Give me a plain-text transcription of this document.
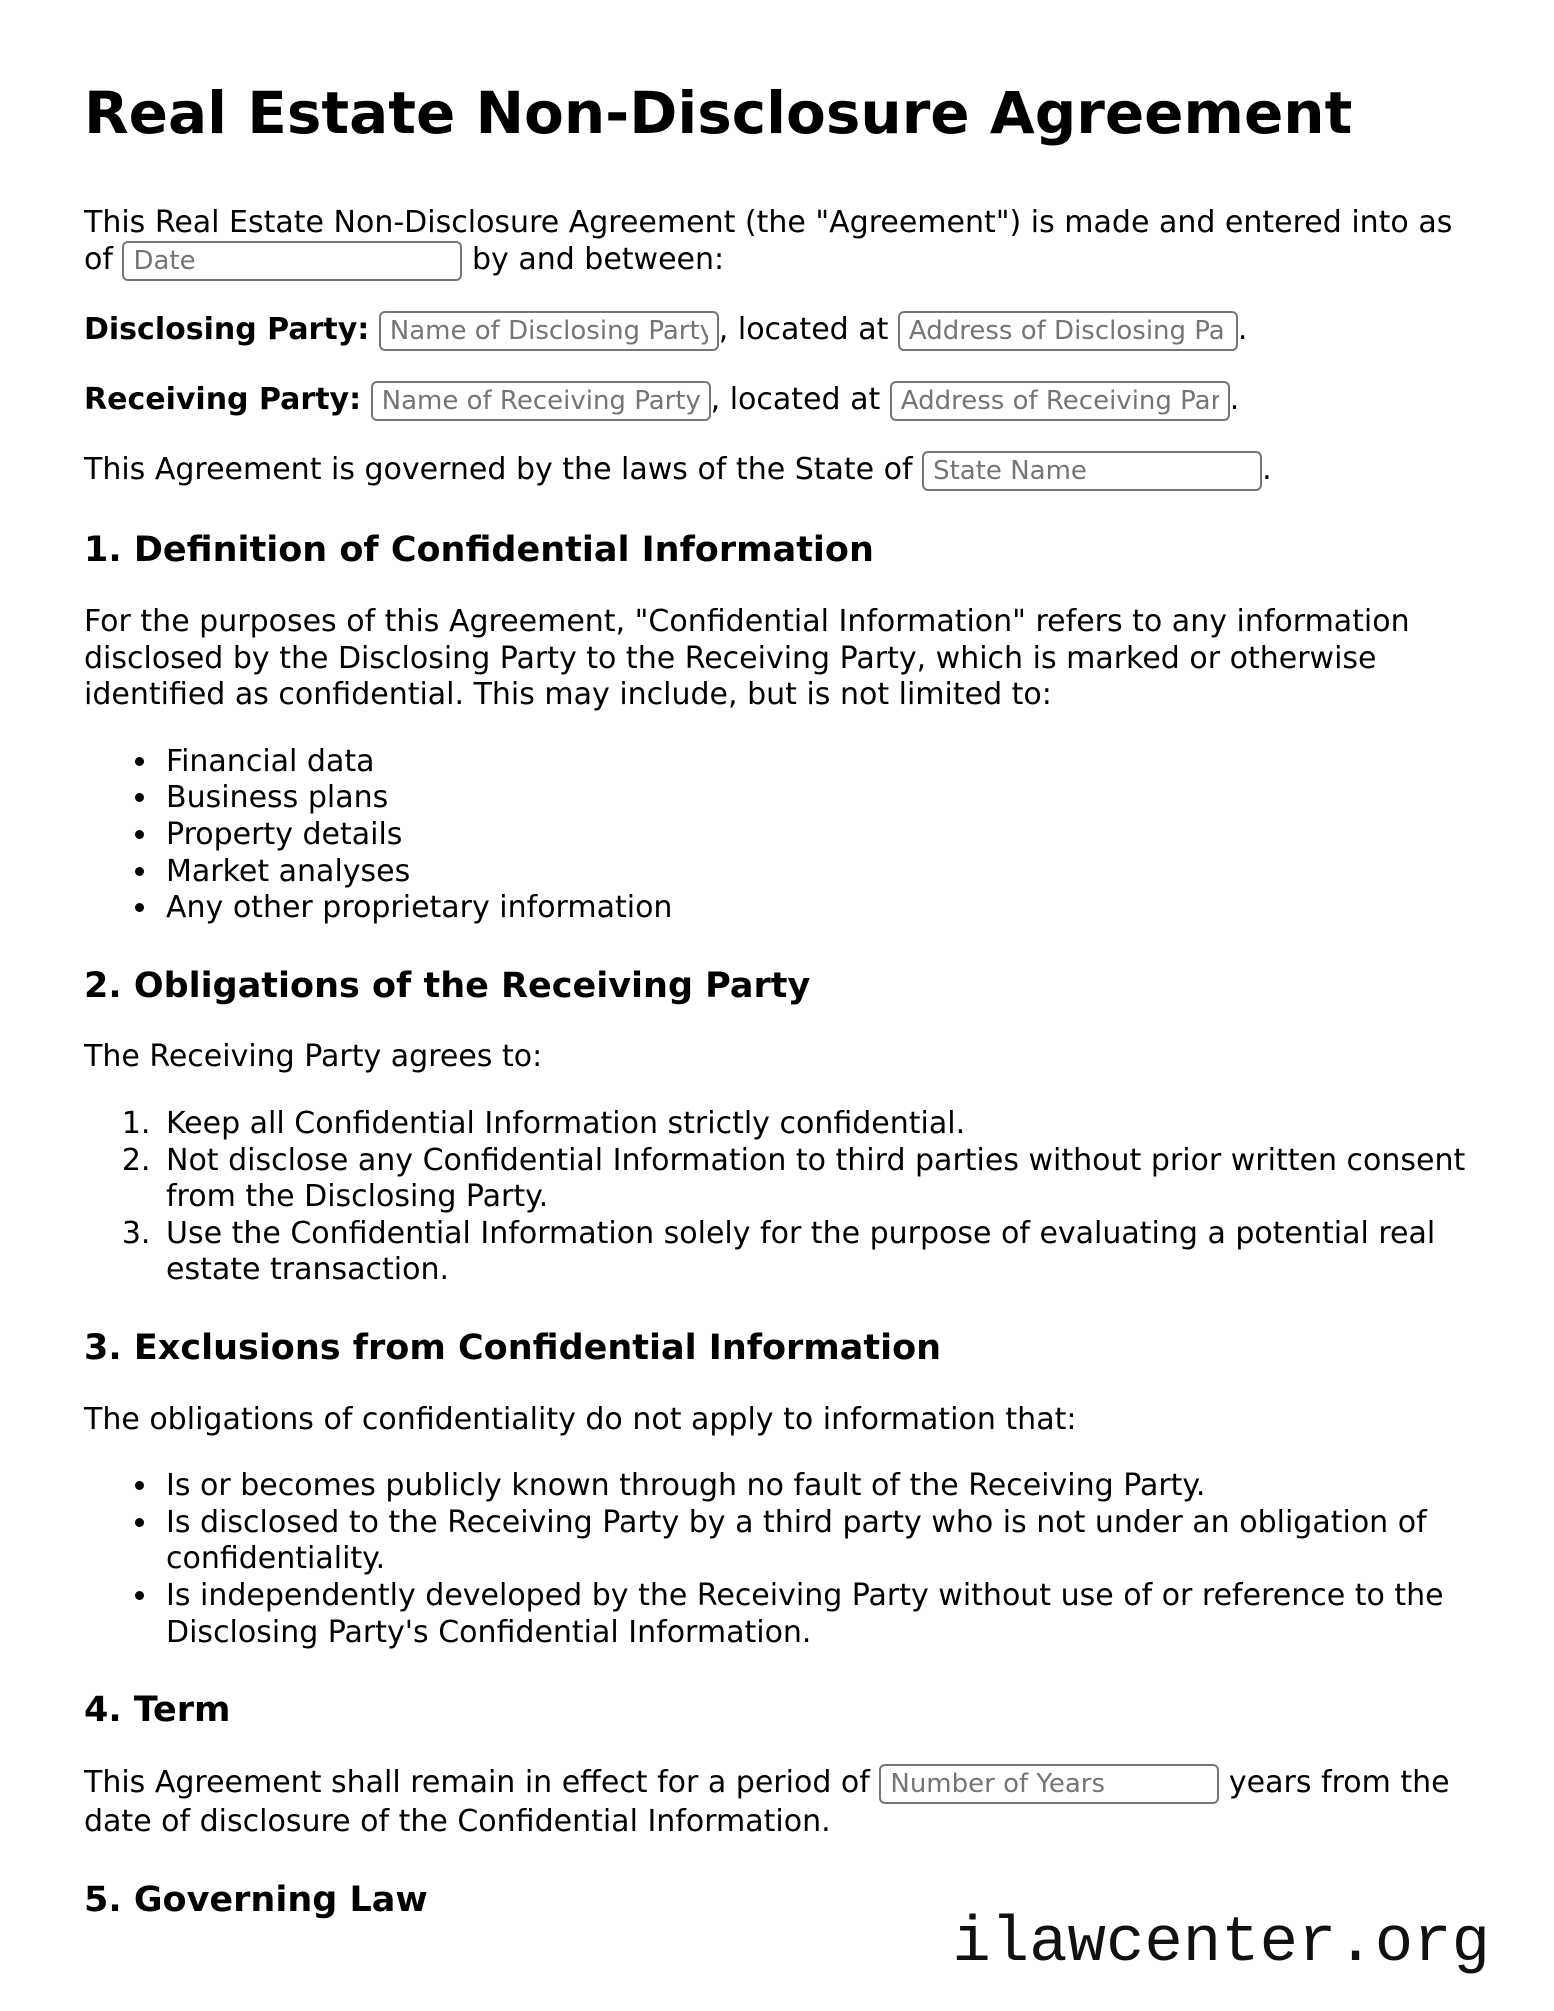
Real Estate Non-Disclosure Agreement

This Real Estate Non-Disclosure Agreement (the "Agreement") is made and entered into as of Date	by and between:

Disclosing Party: Name of Disclosing Party	, located at Address of Disclosing Party	.

Receiving Party: Name of Receiving Party	, located at Address of Receiving Party	.

This Agreement is governed by the laws of the State of State Name	.

1. Definition of Confidential Information

For the purposes of this Agreement, "Confidential Information" refers to any information disclosed by the Disclosing Party to the Receiving Party, which is marked or otherwise identified as confidential. This may include, but is not limited to:

• Financial data
• Business plans
• Property details
• Market analyses
• Any other proprietary information
2. Obligations of the Receiving Party

The Receiving Party agrees to:

1. Keep all Confidential Information strictly confidential.
2. Not disclose any Confidential Information to third parties without prior written consent from the Disclosing Party.
3. Use the Confidential Information solely for the purpose of evaluating a potential real estate transaction.
3. Exclusions from Confidential Information

The obligations of confidentiality do not apply to information that:

• Is or becomes publicly known through no fault of the Receiving Party.
• Is disclosed to the Receiving Party by a third party who is not under an obligation of confidentiality.
• Is independently developed by the Receiving Party without use of or reference to the Disclosing Party's Confidential Information.
4. Term

This Agreement shall remain in effect for a period of Number of Years	years from the date of disclosure of the Confidential Information.

5. Governing Law
ilawcenter.org
